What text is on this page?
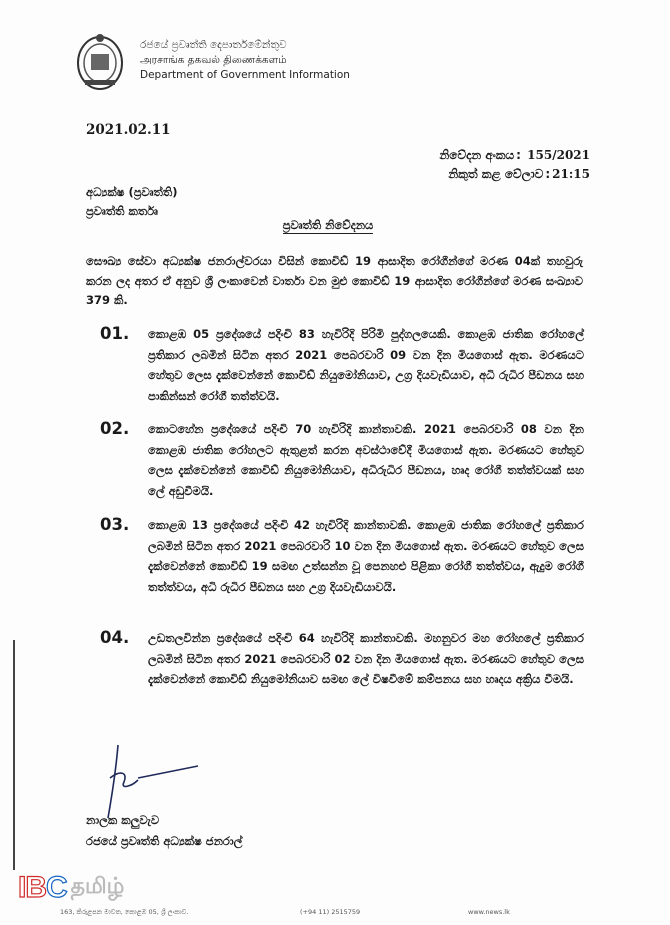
රජයේ ප්‍රවෘත්ති දෙපාර්තමේන්තුව
அரசாங்க தகவல் திணைக்களம்
Department of Government Information
2021.02.11
නිවේදන අංකය : 155/2021
නිකුත් කළ වේලාව : 21:15
අධ්‍යක්ෂ (ප්‍රවෘත්ති)
ප්‍රවෘත්ති කර්තෘ
ප්‍රවෘත්ති නිවේදනය
සෞඛ්‍ය සේවා අධ්‍යක්ෂ ජනරාල්වරයා විසින් කොවිඩ් 19 ආසාදිත රෝගීන්ගේ මරණ 04ක් තහවුරු කරන ලද අතර ඒ අනුව ශ්‍රී ලංකාවෙන් වාර්තා වන මුළු කොවිඩ් 19 ආසාදිත රෝගීන්ගේ මරණ සංඛ්‍යාව 379 කි.
01. කොළඹ 05 ප්‍රදේශයේ පදිංචි 83 හැවිරිදි පිරිමි පුද්ගලයෙකි. කොළඹ ජාතික රෝහලේ ප්‍රතිකාර ලබමින් සිටින අතර 2021 පෙබරවාරි 09 වන දින මියගොස් ඇත. මරණයට හේතුව ලෙස දැක්වෙන්නේ කොවිඩ් නියුමෝනියාව, උග්‍ර දියවැඩියාව, අධි රුධිර පීඩනය සහ පාකින්සන් රෝගී තත්ත්වයි.
02. කොටහේන ප්‍රදේශයේ පදිංචි 70 හැවිරිදි කාන්තාවකි. 2021 පෙබරවාරි 08 වන දින කොළඹ ජාතික රෝහලට ඇතුළත් කරන අවස්ථාවේදී මියගොස් ඇත. මරණයට හේතුව ලෙස දැක්වෙන්නේ කොවිඩ් නියුමෝනියාව, අධිරුධිර පීඩනය, හෘද රෝගී තත්ත්වයක් සහ ලේ අඩුවීමයි.
03. කොළඹ 13 ප්‍රදේශයේ පදිංචි 42 හැවිරිදි කාන්තාවකි. කොළඹ ජාතික රෝහලේ ප්‍රතිකාර ලබමින් සිටින අතර 2021 පෙබරවාරි 10 වන දින මියගොස් ඇත. මරණයට හේතුව ලෙස දැක්වෙන්නේ කොවිඩ් 19 සමඟ උත්සන්න වූ පෙනහළු පිළිකා රෝගී තත්ත්වය, ඇදුම රෝගී තත්ත්වය, අධි රුධිර පීඩනය සහ උග්‍ර දියවැඩියාවයි.
04. උඩතලවින්න ප්‍රදේශයේ පදිංචි 64 හැවිරිදි කාන්තාවකි. මහනුවර මහ රෝහලේ ප්‍රතිකාර ලබමින් සිටින අතර 2021 පෙබරවාරි 02 වන දින මියගොස් ඇත. මරණයට හේතුව ලෙස දැක්වෙන්නේ කොවිඩ් නියුමෝනියාව සමඟ ලේ විෂවීමේ කම්පනය සහ හෘදය අක්‍රිය වීමයි.
නාලක කලුවැව
රජයේ ප්‍රවෘත්ති අධ්‍යක්ෂ ජනරාල්
IBC தமிழ்
163, කිරුළපන මාවත, කොළඹ 05, ශ්‍රී ලංකාව.	(+94 11) 2515759	www.news.lk
